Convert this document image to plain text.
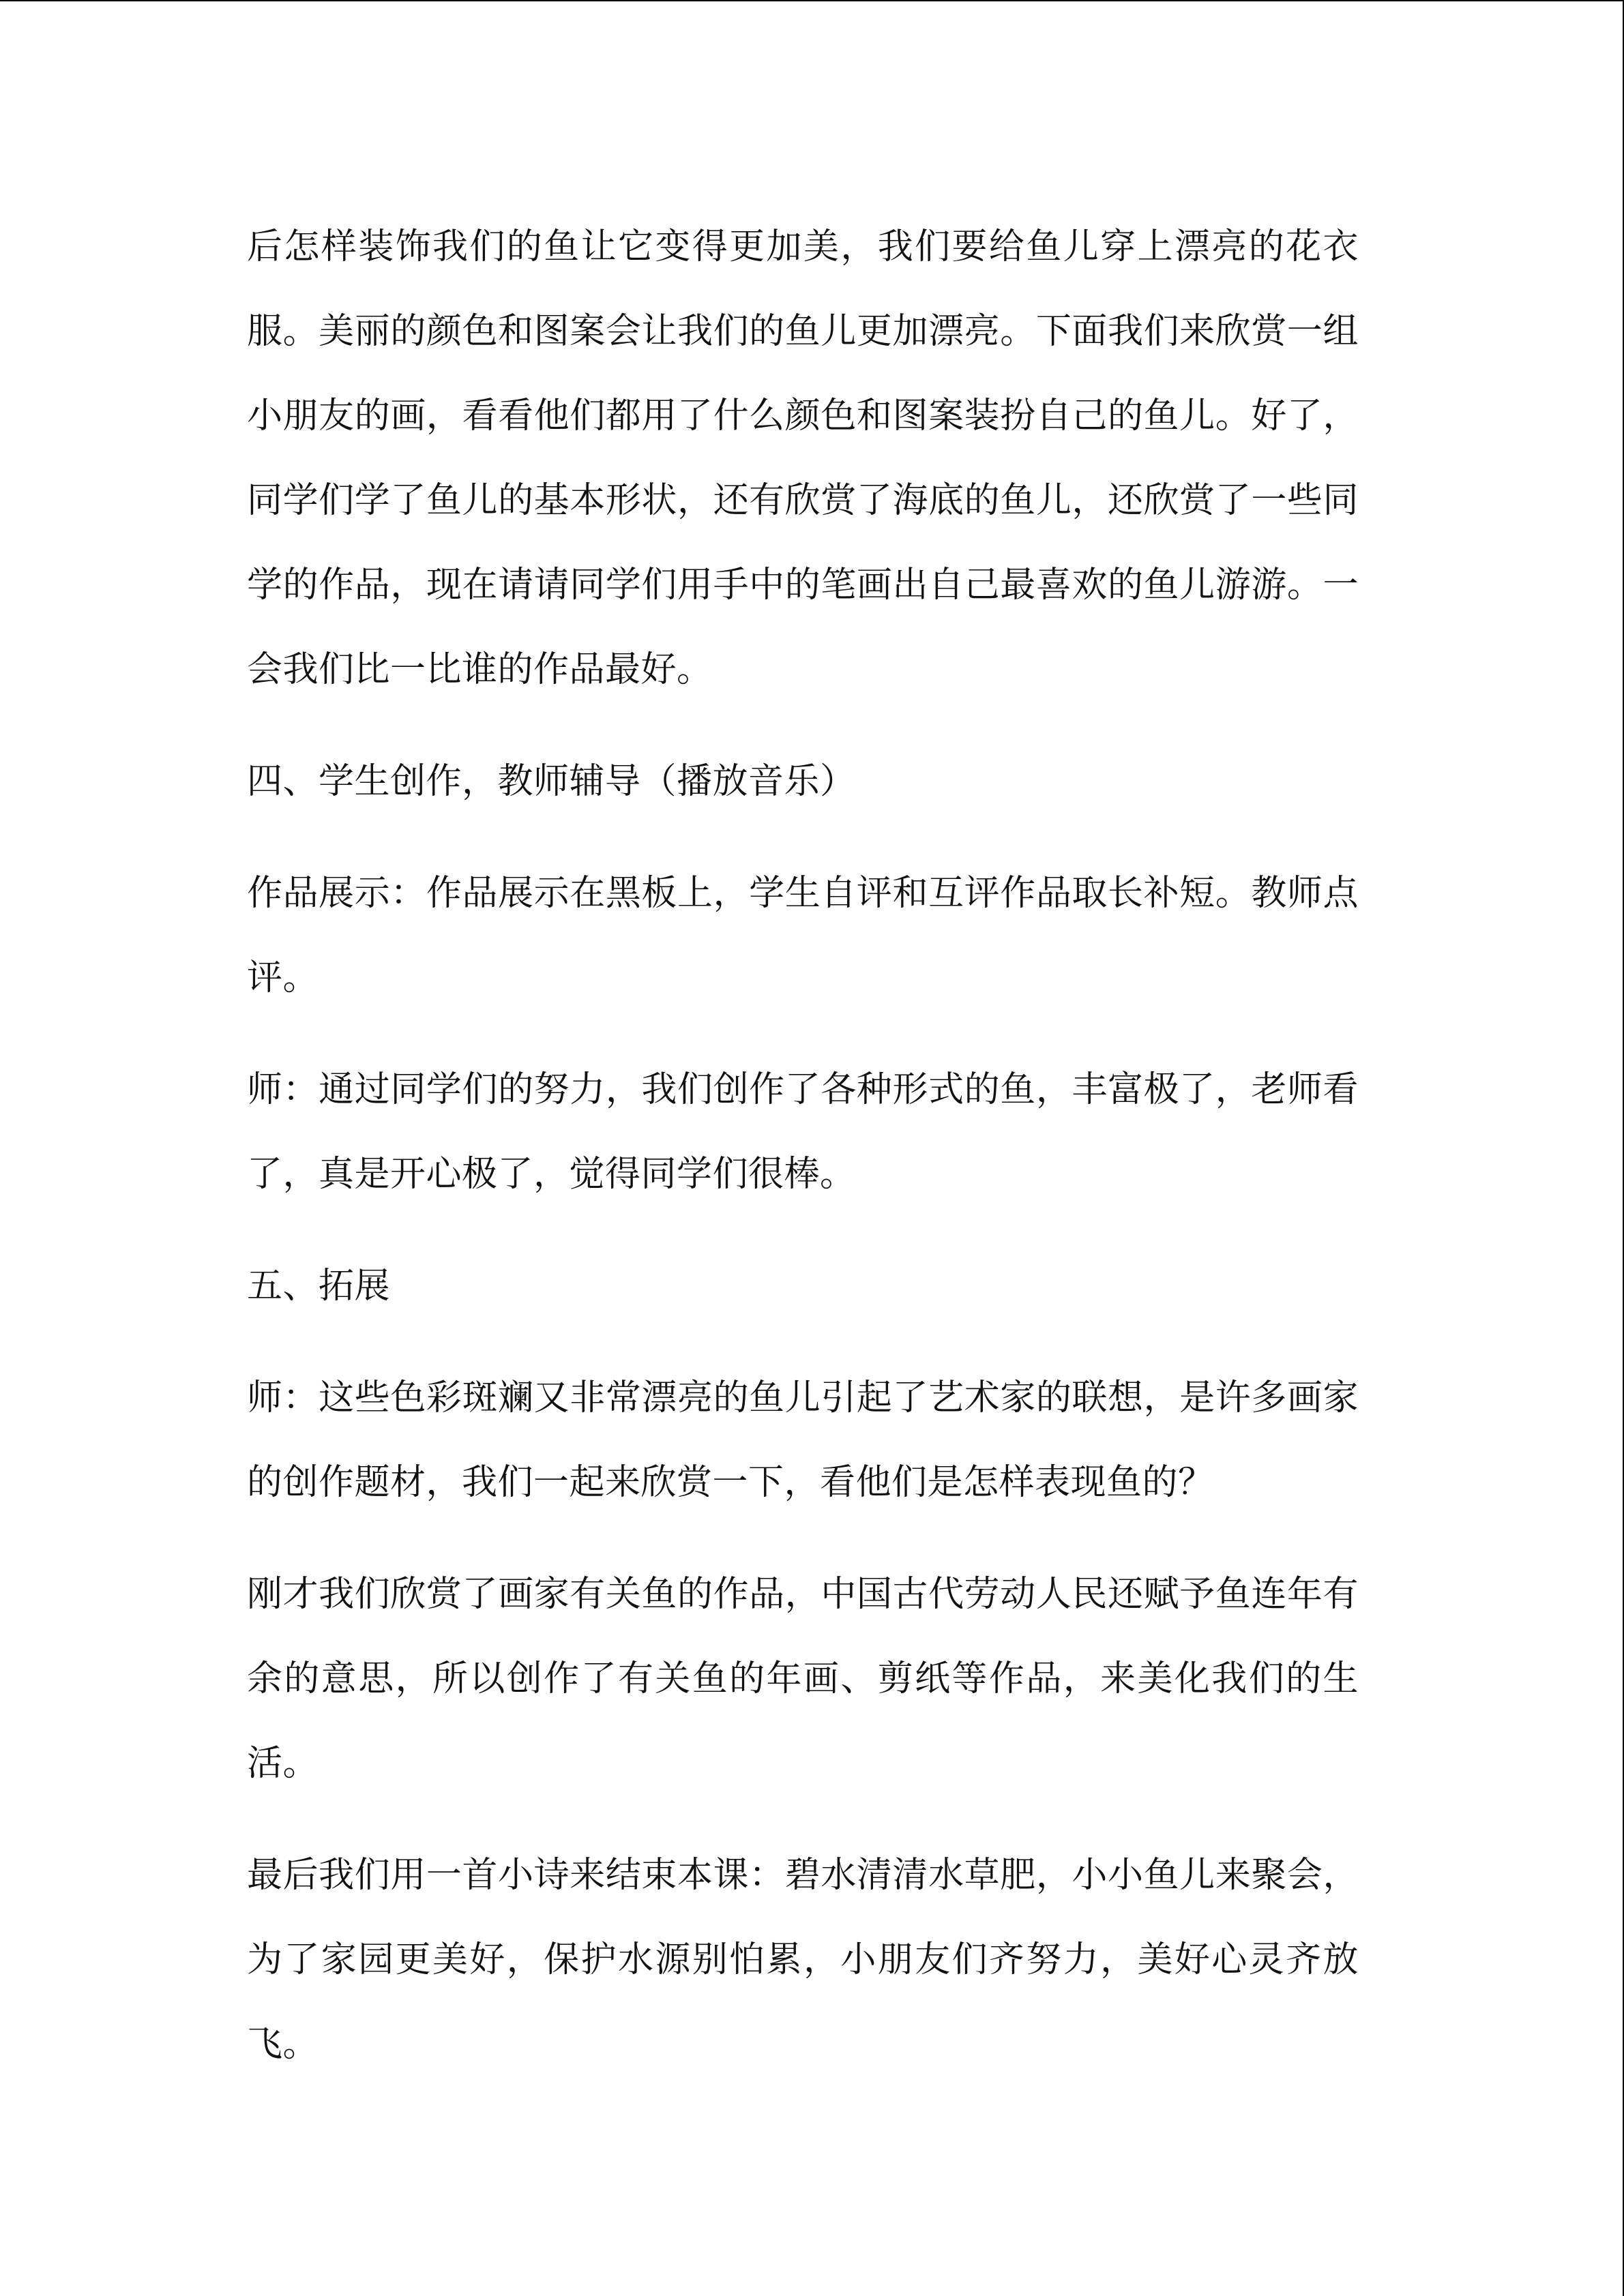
后怎样装饰我们的鱼让它变得更加美，我们要给鱼儿穿上漂亮的花衣服。美丽的颜色和图案会让我们的鱼儿更加漂亮。下面我们来欣赏一组小朋友的画，看看他们都用了什么颜色和图案装扮自己的鱼儿。好了，同学们学了鱼儿的基本形状，还有欣赏了海底的鱼儿，还欣赏了一些同学的作品，现在请请同学们用手中的笔画出自己最喜欢的鱼儿游游。一会我们比一比谁的作品最好。

四、学生创作，教师辅导（播放音乐）

作品展示：作品展示在黑板上，学生自评和互评作品取长补短。教师点评。

师：通过同学们的努力，我们创作了各种形式的鱼，丰富极了，老师看了，真是开心极了，觉得同学们很棒。

五、拓展

师：这些色彩斑斓又非常漂亮的鱼儿引起了艺术家的联想，是许多画家的创作题材，我们一起来欣赏一下，看他们是怎样表现鱼的？

刚才我们欣赏了画家有关鱼的作品，中国古代劳动人民还赋予鱼连年有余的意思，所以创作了有关鱼的年画、剪纸等作品，来美化我们的生活。

最后我们用一首小诗来结束本课：碧水清清水草肥，小小鱼儿来聚会，为了家园更美好，保护水源别怕累，小朋友们齐努力，美好心灵齐放飞。
